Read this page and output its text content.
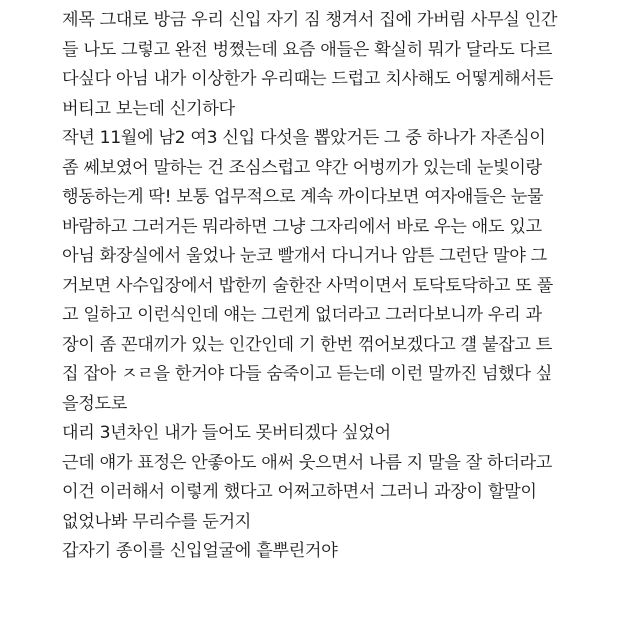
제목 그대로 방금 우리 신입 자기 짐 챙겨서 집에 가버림 사무실 인간
들 나도 그렇고 완전 벙쪘는데 요즘 애들은 확실히 뭐가 달라도 다르
다싶다 아님 내가 이상한가 우리때는 드럽고 치사해도 어떻게해서든
버티고 보는데 신기하다
작년 11월에 남2 여3 신입 다섯을 뽑았거든 그 중 하나가 자존심이
좀 쎄보였어 말하는 건 조심스럽고 약간 어벙끼가 있는데 눈빛이랑
행동하는게 딱! 보통 업무적으로 계속 까이다보면 여자애들은 눈물
바람하고 그러거든 뭐라하면 그냥 그자리에서 바로 우는 애도 있고
아님 화장실에서 울었나 눈코 빨개서 다니거나 암튼 그런단 말야 그
거보면 사수입장에서 밥한끼 술한잔 사먹이면서 토닥토닥하고 또 풀
고 일하고 이런식인데 얘는 그런게 없더라고 그러다보니까 우리 과
장이 좀 꼰대끼가 있는 인간인데 기 한번 꺾어보겠다고 걜 붙잡고 트
집 잡아 ㅈㄹ을 한거야 다들 숨죽이고 듣는데 이런 말까진 넘했다 싶
을정도로
대리 3년차인 내가 들어도 못버티겠다 싶었어
근데 얘가 표정은 안좋아도 애써 웃으면서 나름 지 말을 잘 하더라고
이건 이러해서 이렇게 했다고 어쩌고하면서 그러니 과장이 할말이
없었나봐 무리수를 둔거지
갑자기 종이를 신입얼굴에 흩뿌린거야
